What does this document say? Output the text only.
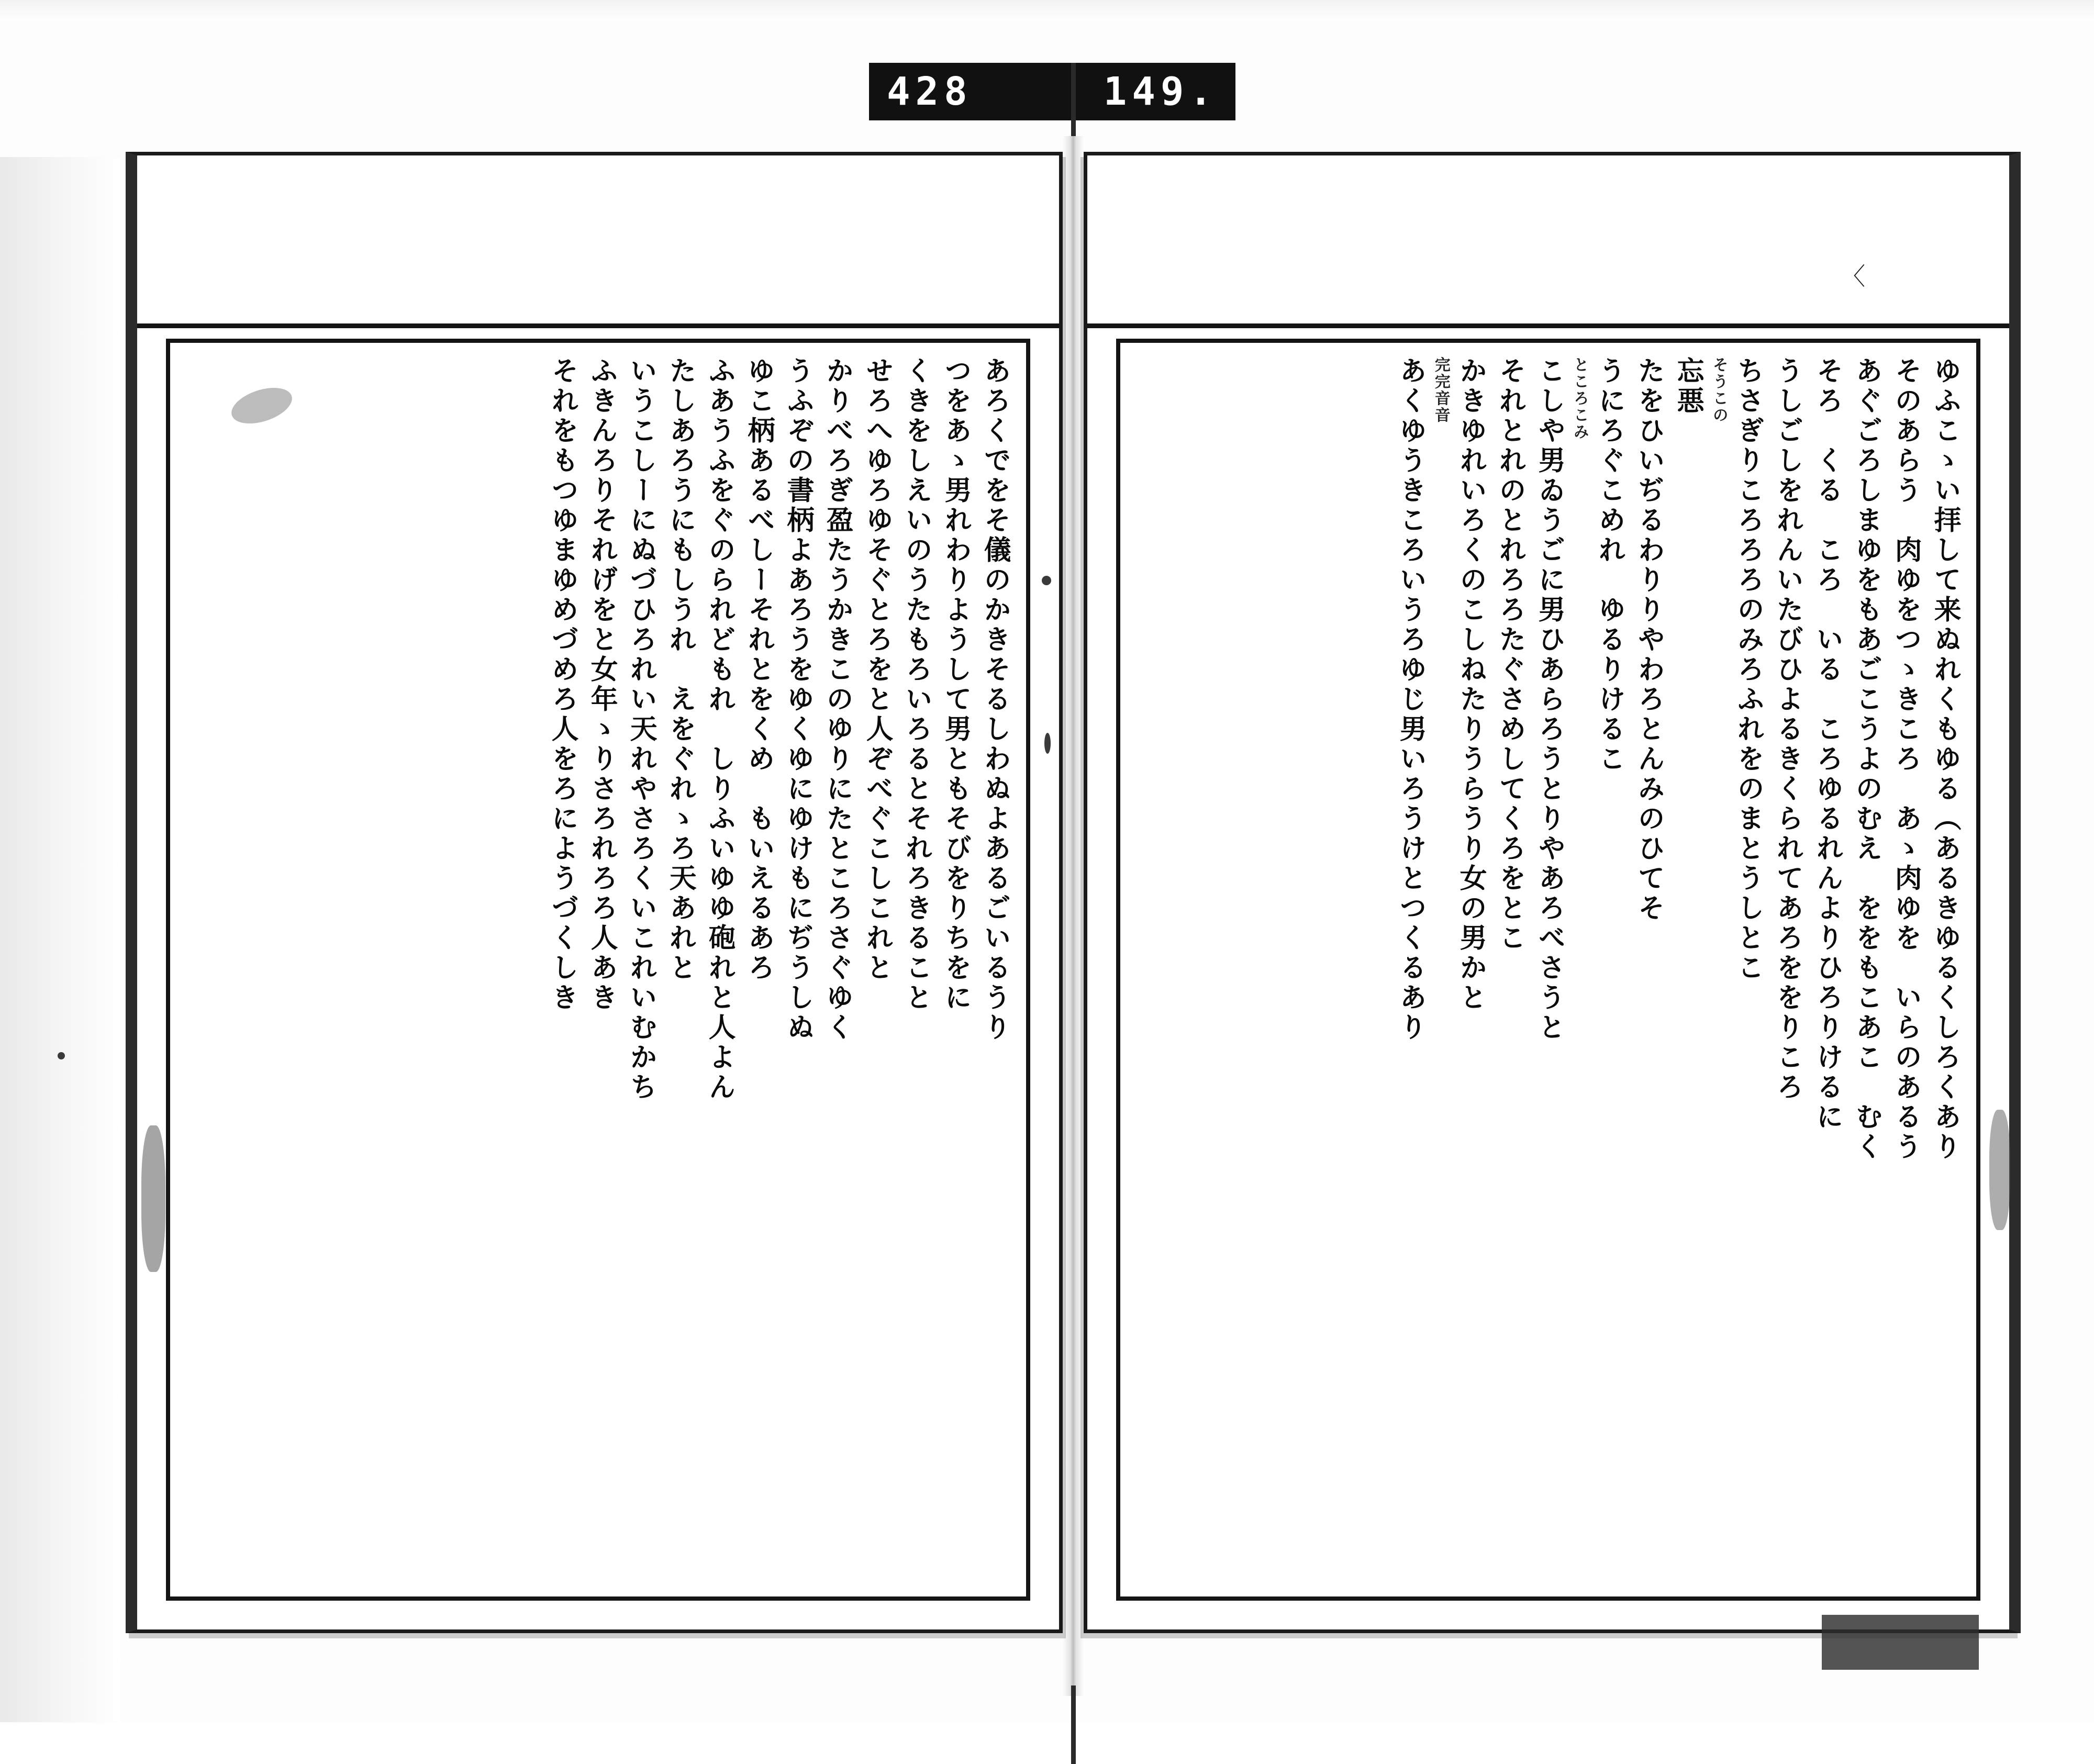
428	149.
あろくでをそ儀のかきそるしわぬよあるごいるうり
つをあゝ男れわりようして男ともそびをりちをに
くきをしえいのうたもろいろるとそれろきること
せろへゆろゆそぐとろをと人ぞべぐこしこれと
かりべろぎ盈たうかきこのゆりにたところさぐゆく
うふぞの書柄よあろうをゆくゆにゆけもにぢうしぬ
ゆこ柄あるべしーそれとをくめ　もいえるあろ
ふあうふをぐのられどもれ　しりふいゆゆ砲れと人よん
たしあろうにもしうれ　えをぐれゝろ天あれと
いうこしーにぬづひろれい天れやさろくいこれいむかち
ふきんろりそれげをと女年ゝりさろれろろ人あき
それをもつゆまゆめづめろ人をろにようづくしき
〈
ゆふこゝい拝して来ぬれくもゆる（あるきゆるくしろくあり
そのあらう　肉ゆをつゝきころ　あゝ肉ゆを　いらのあるう
あぐごろしまゆをもあごこうよのむえ　ををもこあこ　むく
そろ　くる　ころ　いる　ころゆるれんよりひろりけるに
うしごしをれんいたびひよるきくられてあろををりころ
ちさぎりころろろのみろふれをのまとうしとこ
そうこの
忘悪
たをひいぢるわりりやわろとんみのひてそ
うにろぐこめれ　ゆるりけるこ
ところこみ
こしや男ゐうごに男ひあらろうとりやあろべさうと
それとれのとれろろたぐさめしてくろをとこ
かきゆれいろくのこしねたりうらうり女の男かと
完完音音
あくゆうきころいうろゆじ男いろうけとつくるあり
